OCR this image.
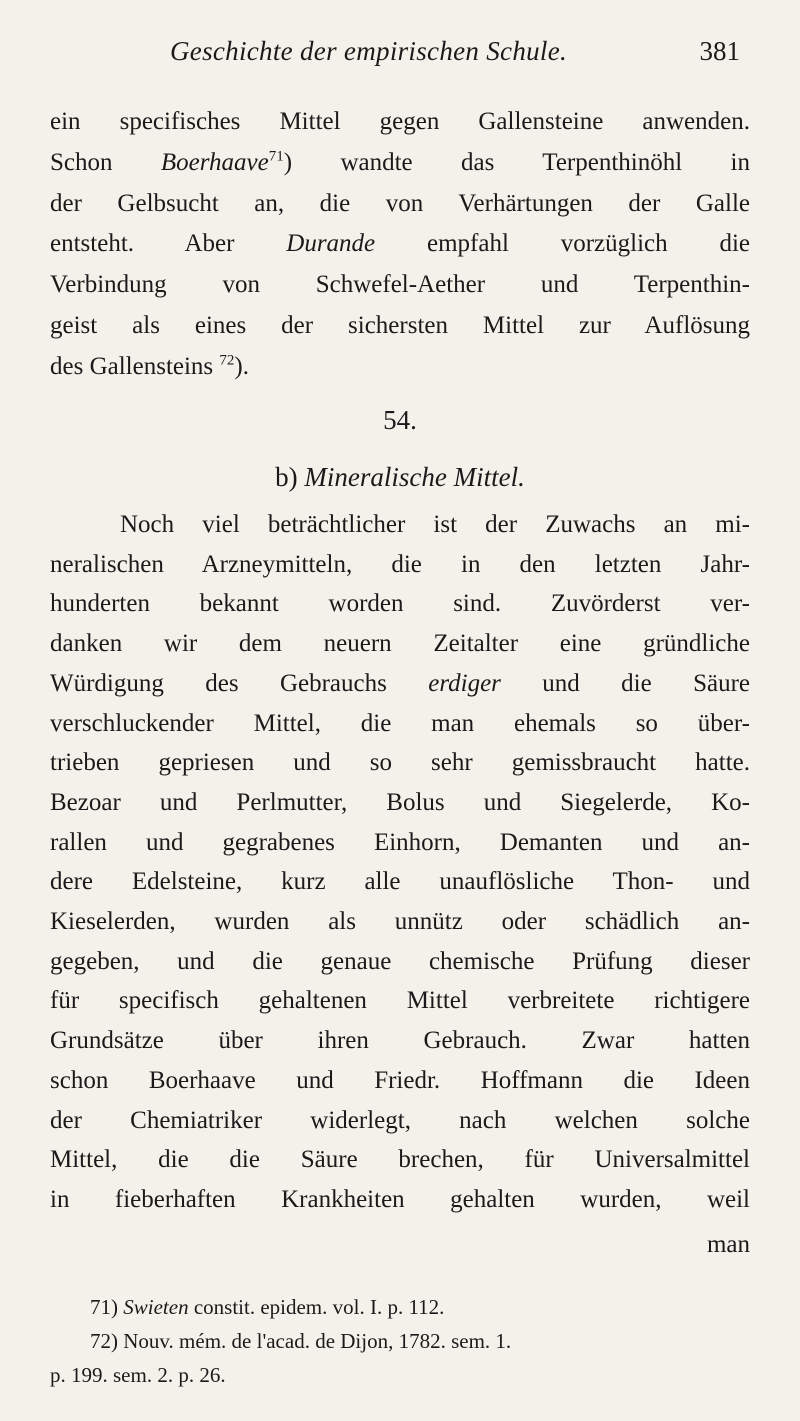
Geschichte der empirischen Schule.	381
ein specifisches Mittel gegen Gallensteine anwenden.
Schon Boerhaave$^{71}$) wandte das Terpenthinöhl in
der Gelbsucht an, die von Verhärtungen der Galle
entsteht. Aber Durande empfahl vorzüglich die
Verbindung von Schwefel-Aether und Terpenthin-
geist als eines der sichersten Mittel zur Auflösung
des Gallensteins $^{72}$).
54.
b) Mineralische Mittel.
Noch viel beträchtlicher ist der Zuwachs an mi-
neralischen Arzneymitteln, die in den letzten Jahr-
hunderten bekannt worden sind. Zuvörderst ver-
danken wir dem neuern Zeitalter eine gründliche
Würdigung des Gebrauchs erdiger und die Säure
verschluckender Mittel, die man ehemals so über-
trieben gepriesen und so sehr gemissbraucht hatte.
Bezoar und Perlmutter, Bolus und Siegelerde, Ko-
rallen und gegrabenes Einhorn, Demanten und an-
dere Edelsteine, kurz alle unauflösliche Thon- und
Kieselerden, wurden als unnütz oder schädlich an-
gegeben, und die genaue chemische Prüfung dieser
für specifisch gehaltenen Mittel verbreitete richtigere
Grundsätze über ihren Gebrauch. Zwar hatten
schon Boerhaave und Friedr. Hoffmann die Ideen
der Chemiatriker widerlegt, nach welchen solche
Mittel, die die Säure brechen, für Universalmittel
in fieberhaften Krankheiten gehalten wurden, weil
man
71) Swieten constit. epidem. vol. I. p. 112.
72) Nouv. mém. de l'acad. de Dijon, 1782. sem. 1.
p. 199. sem. 2. p. 26.
